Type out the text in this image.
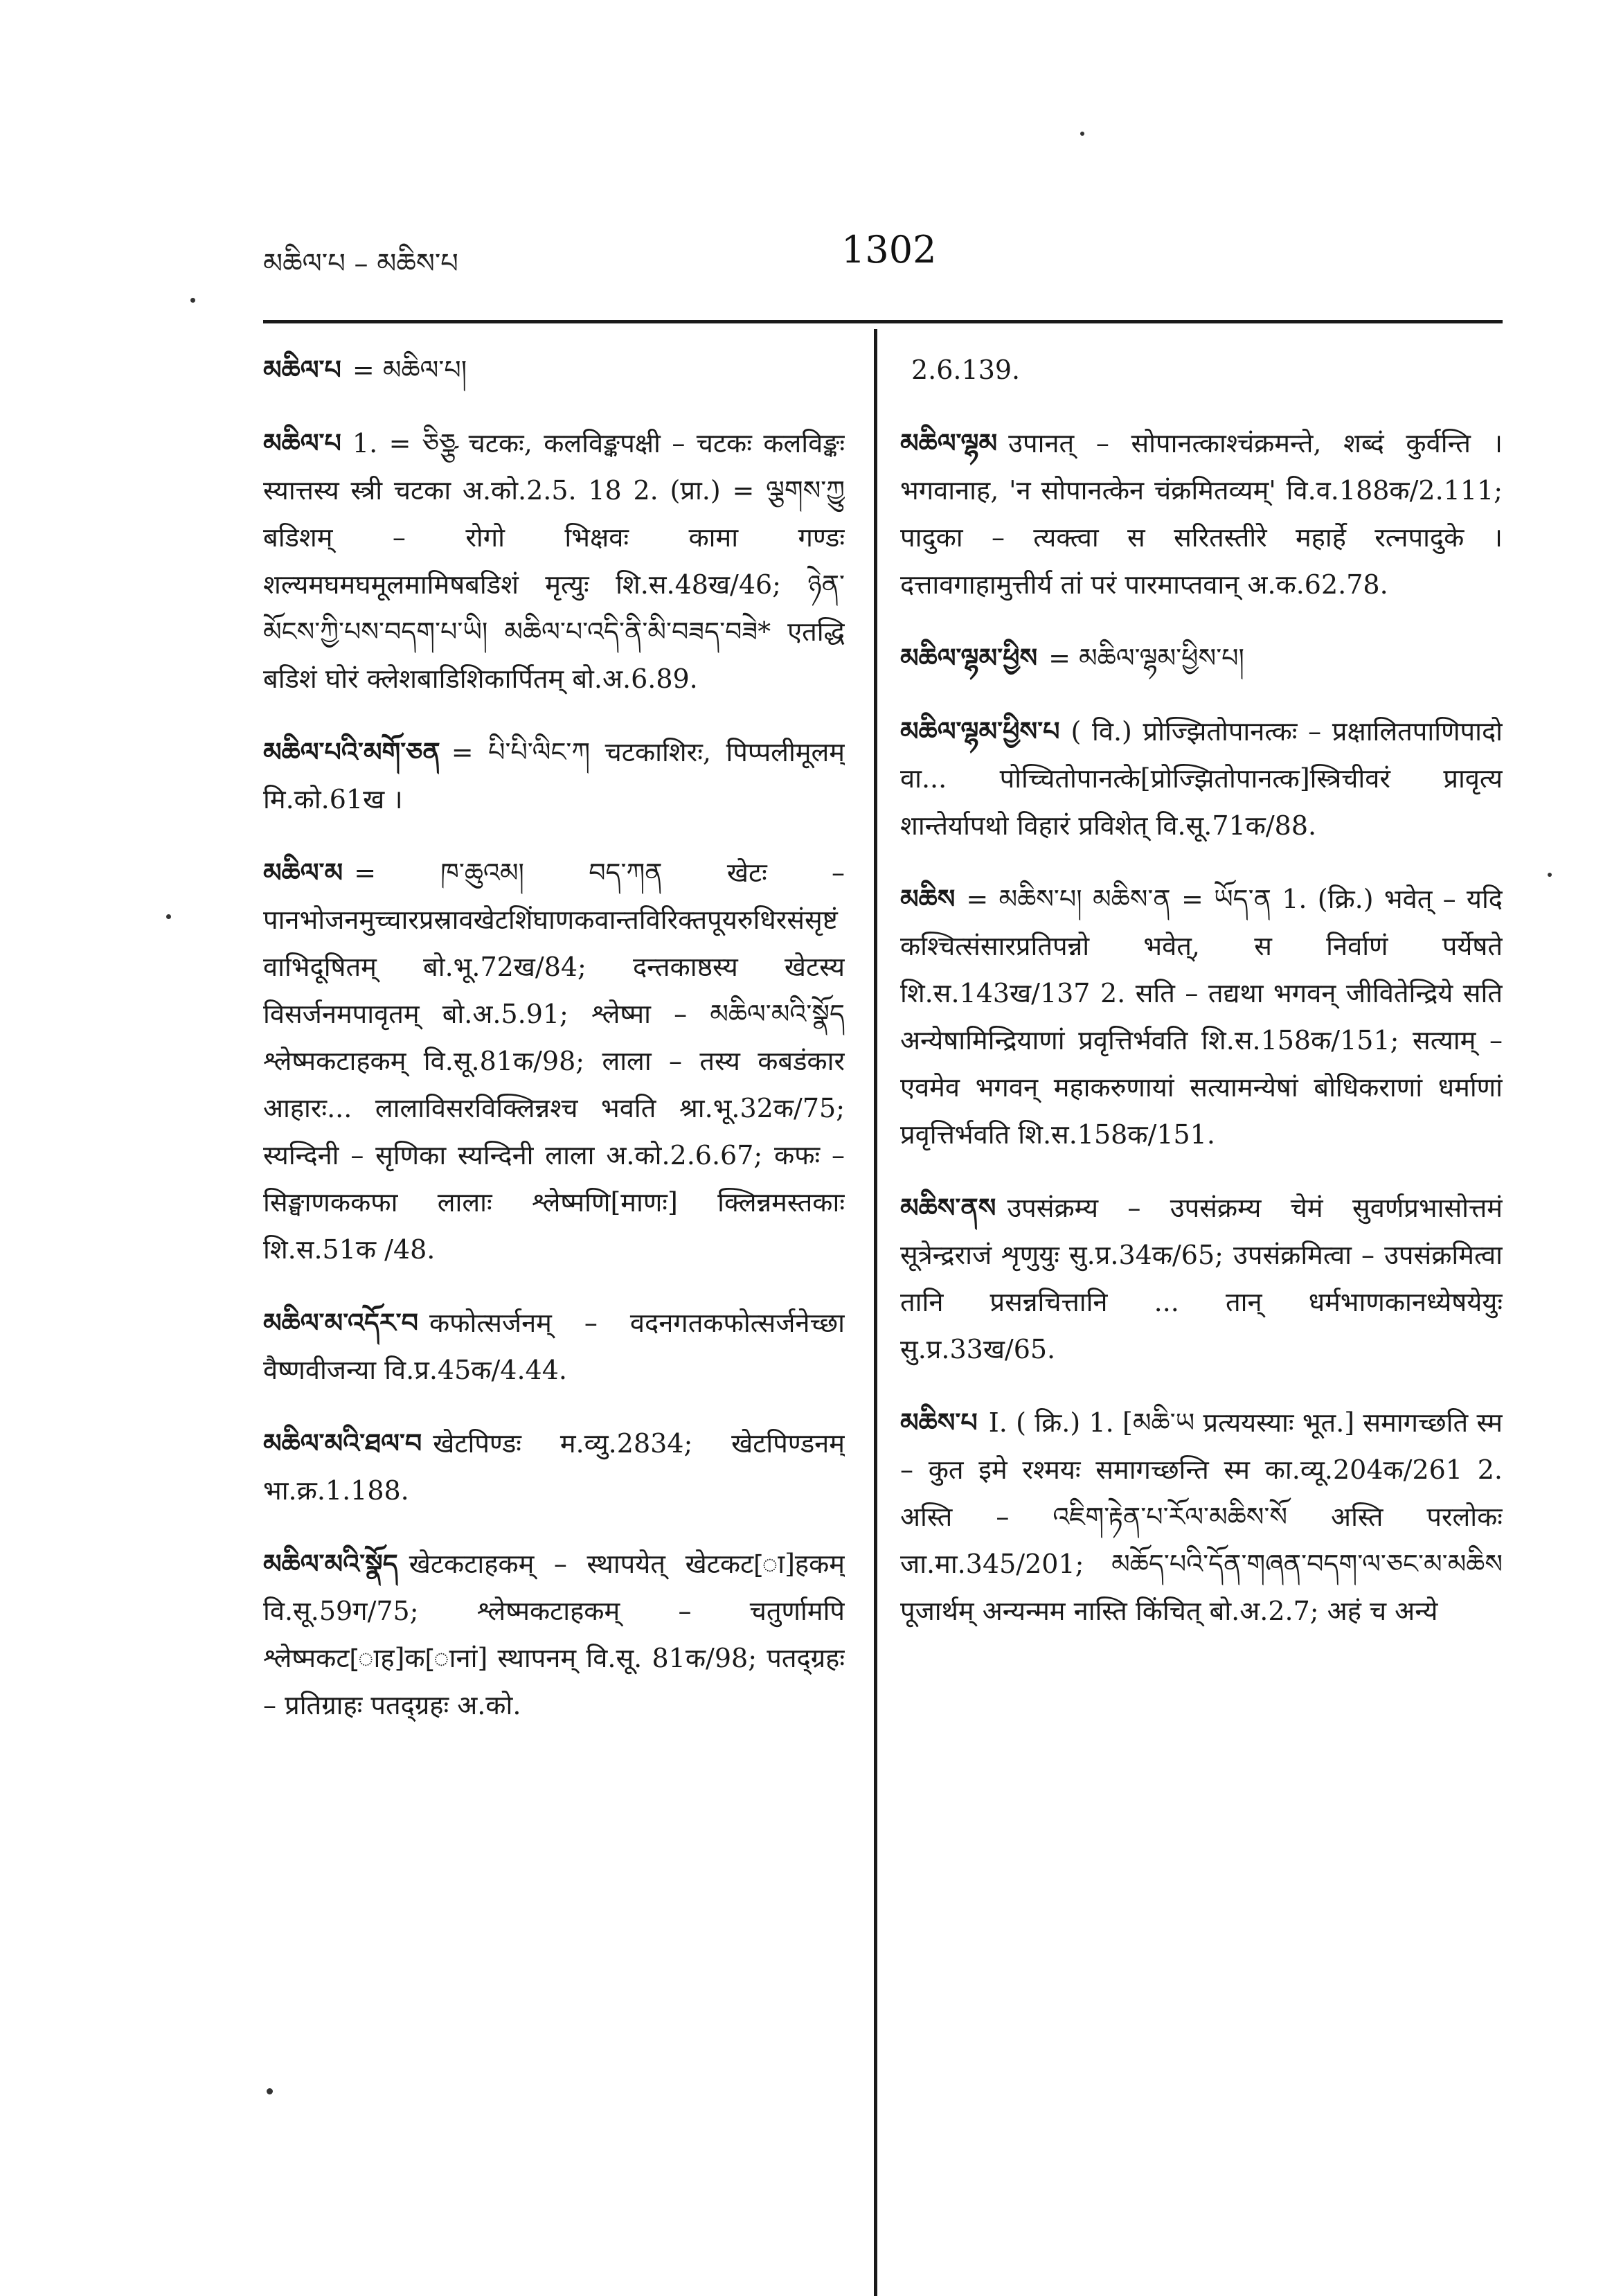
མཆིལ་པ – མཆིས་པ	1302

མཆིལ་པ = མཆིལ་པ།

མཆིལ་པ 1. = ཅིཅྩ चटकः, कलविङ्कपक्षी – चटकः कलविङ्कः स्यात्तस्य स्त्री चटका अ.को.2.5. 18 2. (प्रा.) = ལྕགས་ཀྱུ बडिशम् – रोगो भिक्षवः कामा गण्डः शल्यमघमघमूलमामिषबडिशं मृत्युः शि.स.48ख/46; ཉེན་མོངས་ཀྱི་པས་བདག་པ་ཡི། མཆིལ་པ་འདི་ནི་མི་བཟད་བཟེ* एतद्धि बडिशं घोरं क्लेशबाडिशिकार्पितम् बो.अ.6.89.

མཆིལ་པའི་མགོ་ཅན = པི་པི་ལིང་ཀ चटकाशिरः, पिप्पलीमूलम् मि.को.61ख ।

མཆིལ་མ = ཁ་ཆུའམ། བད་ཀན खेटः – पानभोजनमुच्चारप्रस्रावखेटशिंघाणकवान्तविरिक्तपूयरुधिरसंसृष्टं वाभिदूषितम् बो.भू.72ख/84; दन्तकाष्ठस्य खेटस्य विसर्जनमपावृतम् बो.अ.5.91; श्लेष्मा – མཆིལ་མའི་སྣོད श्लेष्मकटाहकम् वि.सू.81क/98; लाला – तस्य कबडंकार आहारः... लालाविसरविक्लिन्नश्च भवति श्रा.भू.32क/75; स्यन्दिनी – सृणिका स्यन्दिनी लाला अ.को.2.6.67; कफः – सिङ्घाणककफा लालाः श्लेष्मणि[माणः] क्लिन्नमस्तकाः शि.स.51क /48.

མཆིལ་མ་འདོར་བ कफोत्सर्जनम् – वदनगतकफोत्सर्जनेच्छा वैष्णवीजन्या वि.प्र.45क/4.44.

མཆིལ་མའི་ཐལ་བ खेटपिण्डः म.व्यु.2834; खेटपिण्डनम् भा.क्र.1.188.

མཆིལ་མའི་སྣོད खेटकटाहकम् – स्थापयेत् खेटकट[ा]हकम् वि.सू.59ग/75; श्लेष्मकटाहकम् – चतुर्णामपि श्लेष्मकट[ाह]क[ानां] स्थापनम् वि.सू. 81क/98; पतद्ग्रहः – प्रतिग्राहः पतद्ग्रहः अ.को.

2.6.139.

མཆིལ་ལྷམ उपानत् – सोपानत्काश्चंक्रमन्ते, शब्दं कुर्वन्ति । भगवानाह, 'न सोपानत्केन चंक्रमितव्यम्' वि.व.188क/2.111; पादुका – त्यक्त्वा स सरितस्तीरे महार्हे रत्नपादुके । दत्तावगाहामुत्तीर्य तां परं पारमाप्तवान् अ.क.62.78.

མཆིལ་ལྷམ་ཕྱིས = མཆིལ་ལྷམ་ཕྱིས་པ།

མཆིལ་ལྷམ་ཕྱིས་པ ( वि.) प्रोज्झितोपानत्कः – प्रक्षालितपाणिपादो वा... पोच्चितोपानत्के[प्रोज्झितोपानत्क]स्त्रिचीवरं प्रावृत्य शान्तेर्यापथो विहारं प्रविशेत् वि.सू.71क/88.

མཆིས = མཆིས་པ། མཆིས་ན = ཡོད་ན 1. (क्रि.) भवेत् – यदि कश्चित्संसारप्रतिपन्नो भवेत्, स निर्वाणं पर्येषते शि.स.143ख/137 2. सति – तद्यथा भगवन् जीवितेन्द्रिये सति अन्येषामिन्द्रियाणां प्रवृत्तिर्भवति शि.स.158क/151; सत्याम् – एवमेव भगवन् महाकरुणायां सत्यामन्येषां बोधिकराणां धर्माणां प्रवृत्तिर्भवति शि.स.158क/151.

མཆིས་ནས उपसंक्रम्य – उपसंक्रम्य चेमं सुवर्णप्रभासोत्तमं सूत्रेन्द्रराजं शृणुयुः सु.प्र.34क/65; उपसंक्रमित्वा – उपसंक्रमित्वा तानि प्रसन्नचित्तानि ... तान् धर्मभाणकानध्येषयेयुः सु.प्र.33ख/65.

མཆིས་པ I. ( क्रि.) 1. [མཆི་ཡ प्रत्ययस्याः भूत.] समागच्छति स्म – कुत इमे रश्मयः समागच्छन्ति स्म का.व्यू.204क/261 2. अस्ति – འཇིག་རྟེན་པ་རོལ་མཆིས་སོ अस्ति परलोकः जा.मा.345/201; མཆོད་པའི་དོན་གཞན་བདག་ལ་ཅང་མ་མཆིས पूजार्थम् अन्यन्मम नास्ति किंचित् बो.अ.2.7; अहं च अन्ये
